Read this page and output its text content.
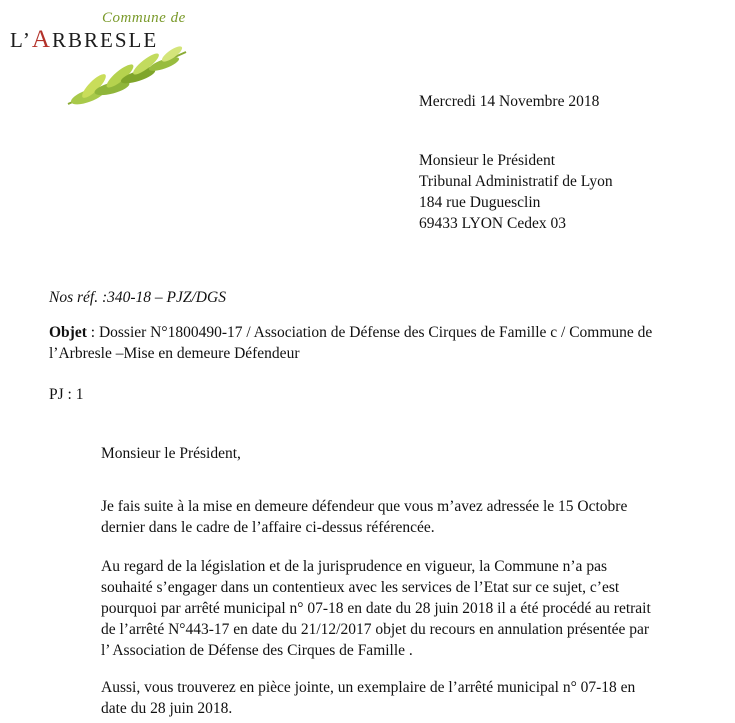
Commune de
L’ARBRESLE
Mercredi 14 Novembre 2018
Monsieur le Président
Tribunal Administratif de Lyon
184 rue Duguesclin
69433 LYON Cedex 03
Nos réf. :340-18 – PJZ/DGS
Objet : Dossier N°1800490-17 / Association de Défense des Cirques de Famille c / Commune de
l’Arbresle –Mise en demeure Défendeur
PJ : 1
Monsieur le Président,
Je fais suite à la mise en demeure défendeur que vous m’avez adressée le 15 Octobre
dernier dans le cadre de l’affaire ci-dessus référencée.
Au regard de la législation et de la jurisprudence en vigueur, la Commune n’a pas
souhaité s’engager dans un contentieux avec les services de l’Etat sur ce sujet, c’est
pourquoi par arrêté municipal n° 07-18 en date du 28 juin 2018 il a été procédé au retrait
de l’arrêté N°443-17 en date du 21/12/2017 objet du recours en annulation présentée par
l’ Association de Défense des Cirques de Famille .
Aussi, vous trouverez en pièce jointe, un exemplaire de l’arrêté municipal n° 07-18 en
date du 28 juin 2018.
